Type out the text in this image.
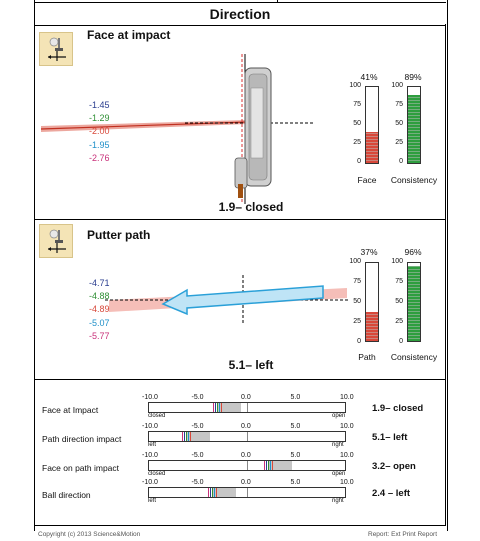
Direction
Face at impact
-1.45
-1.29
-2.00
-1.95
-2.76
1.9– closed
41%	89%
100
75
50
25
0
100
75
50
25
0
Face	Consistency
Putter path
-4.71
-4.88
-4.89
-5.07
-5.77
5.1– left
37%	96%
100
75
50
25
0
100
75
50
25
0
Path	Consistency
Face at Impact
-10.0	-5.0	0.0	5.0	10.0
closed	open
1.9– closed
Path direction impact
-10.0	-5.0	0.0	5.0	10.0
left	right
5.1– left
Face on path impact
-10.0	-5.0	0.0	5.0	10.0
closed	open
3.2– open
Ball direction
-10.0	-5.0	0.0	5.0	10.0
left	right
2.4 – left
Copyright (c) 2013 Science&Motion	Report: Ext Print Report
